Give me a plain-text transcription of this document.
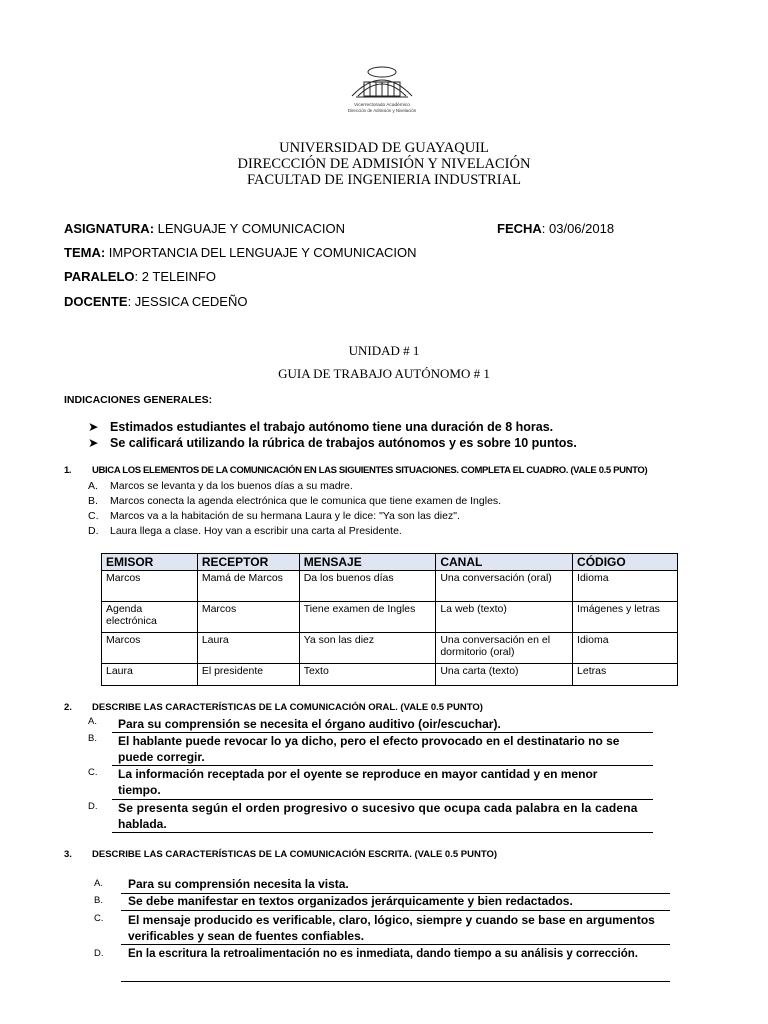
Vicerrectorado Académico
Dirección de Admisión y Nivelación
UNIVERSIDAD DE GUAYAQUIL
DIRECCCIÓN DE ADMISIÓN Y NIVELACIÓN
FACULTAD DE INGENIERIA INDUSTRIAL
ASIGNATURA: LENGUAJE Y COMUNICACION	FECHA: 03/06/2018
TEMA: IMPORTANCIA DEL LENGUAJE Y COMUNICACION
PARALELO: 2 TELEINFO
DOCENTE: JESSICA CEDEÑO
UNIDAD # 1
GUIA DE TRABAJO AUTÓNOMO # 1
INDICACIONES GENERALES:
➤ Estimados estudiantes el trabajo autónomo tiene una duración de 8 horas.
➤ Se calificará utilizando la rúbrica de trabajos autónomos y es sobre 10 puntos.
1. UBICA LOS ELEMENTOS DE LA COMUNICACIÓN EN LAS SIGUIENTES SITUACIONES. COMPLETA EL CUADRO. (VALE 0.5 PUNTO)
A. Marcos se levanta y da los buenos días a su madre.
B. Marcos conecta la agenda electrónica que le comunica que tiene examen de Ingles.
C. Marcos va a la habitación de su hermana Laura y le dice: "Ya son las diez".
D. Laura llega a clase. Hoy van a escribir una carta al Presidente.
EMISOR	RECEPTOR	MENSAJE	CANAL	CÓDIGO
Marcos	Mamá de Marcos	Da los buenos días	Una conversación (oral)	Idioma
Agenda electrónica	Marcos	Tiene examen de Ingles	La web (texto)	Imágenes y letras
Marcos	Laura	Ya son las diez	Una conversación en el dormitorio (oral)	Idioma
Laura	El presidente	Texto	Una carta (texto)	Letras
2. DESCRIBE LAS CARACTERÍSTICAS DE LA COMUNICACIÓN ORAL. (VALE 0.5 PUNTO)
A. Para su comprensión se necesita el órgano auditivo (oir/escuchar).
B. El hablante puede revocar lo ya dicho, pero el efecto provocado en el destinatario no se
puede corregir.
C. La información receptada por el oyente se reproduce en mayor cantidad y en menor
tiempo.
D. Se presenta según el orden progresivo o sucesivo que ocupa cada palabra en la cadena
hablada.
3. DESCRIBE LAS CARACTERÍSTICAS DE LA COMUNICACIÓN ESCRITA. (VALE 0.5 PUNTO)
A. Para su comprensión necesita la vista.
B. Se debe manifestar en textos organizados jerárquicamente y bien redactados.
C. El mensaje producido es verificable, claro, lógico, siempre y cuando se base en argumentos
verificables y sean de fuentes confiables.
D. En la escritura la retroalimentación no es inmediata, dando tiempo a su análisis y corrección.
